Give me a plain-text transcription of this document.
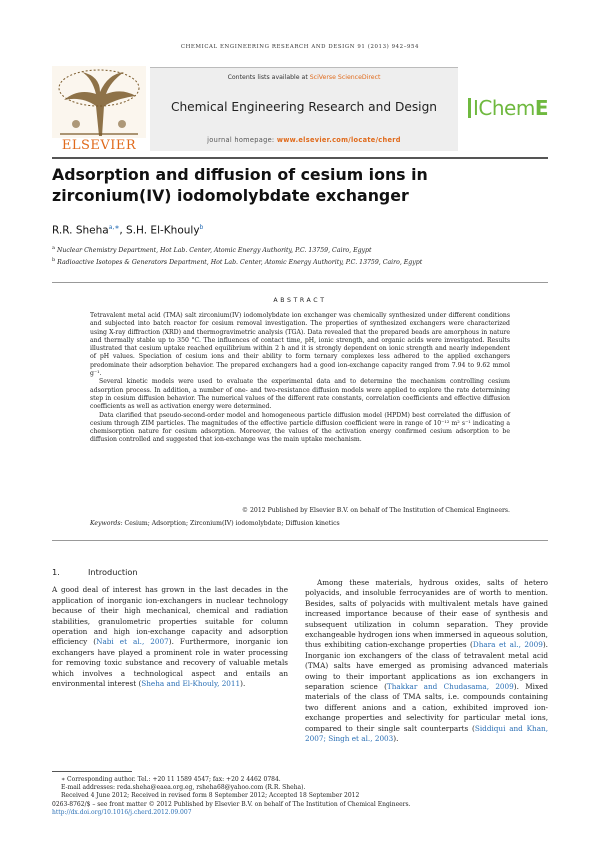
CHEMICAL ENGINEERING RESEARCH AND DESIGN 91 (2013) 942–954
ELSEVIER
Contents lists available at SciVerse ScienceDirect
Chemical Engineering Research and Design
journal homepage: www.elsevier.com/locate/cherd
IChemE
Adsorption and diffusion of cesium ions in zirconium(IV) iodomolybdate exchanger
R.R. Sheha$^{a,∗}$, S.H. El-Khouly$^b$
$^a$ Nuclear Chemistry Department, Hot Lab. Center, Atomic Energy Authority, P.C. 13759, Cairo, Egypt
$^b$ Radioactive Isotopes & Generators Department, Hot Lab. Center, Atomic Energy Authority, P.C. 13759, Cairo, Egypt
ABSTRACT

Tetravalent metal acid (TMA) salt zirconium(IV) iodomolybdate ion exchanger was chemically synthesized under different conditions and subjected into batch reactor for cesium removal investigation. The properties of synthesized exchangers were characterized using X-ray diffraction (XRD) and thermogravimetric analysis (TGA). Data revealed that the prepared beads are amorphous in nature and thermally stable up to 350 °C. The influences of contact time, pH, ionic strength, and organic acids were investigated. Results illustrated that cesium uptake reached equilibrium within 2 h and it is strongly dependent on ionic strength and nearly independent of pH values. Speciation of cesium ions and their ability to form ternary complexes less adhered to the applied exchangers predominate their adsorption behavior. The prepared exchangers had a good ion-exchange capacity ranged from 7.94 to 9.62 mmol g⁻¹.

Several kinetic models were used to evaluate the experimental data and to determine the mechanism controlling cesium adsorption process. In addition, a number of one- and two-resistance diffusion models were applied to explore the rate determining step in cesium diffusion behavior. The numerical values of the different rate constants, correlation coefficients and effective diffusion coefficients as well as activation energy were determined.

Data clarified that pseudo-second-order model and homogeneous particle diffusion model (HPDM) best correlated the diffusion of cesium through ZIM particles. The magnitudes of the effective particle diffusion coefficient were in range of 10⁻¹² m² s⁻¹ indicating a chemisorption nature for cesium adsorption. Moreover, the values of the activation energy confirmed cesium adsorption to be diffusion controlled and suggested that ion-exchange was the main uptake mechanism.

© 2012 Published by Elsevier B.V. on behalf of The Institution of Chemical Engineers.
Keywords: Cesium; Adsorption; Zirconium(IV) iodomolybdate; Diffusion kinetics
1.	Introduction

A good deal of interest has grown in the last decades in the application of inorganic ion-exchangers in nuclear technology because of their high mechanical, chemical and radiation stabilities, granulometric properties suitable for column operation and high ion-exchange capacity and adsorption efficiency (Nabi et al., 2007). Furthermore, inorganic ion exchangers have played a prominent role in water processing for removing toxic substance and recovery of valuable metals which involves a technological aspect and entails an environmental interest (Sheha and El-Khouly, 2011).

Among these materials, hydrous oxides, salts of hetero polyacids, and insoluble ferrocyanides are of worth to mention. Besides, salts of polyacids with multivalent metals have gained increased importance because of their ease of synthesis and subsequent utilization in column separation. They provide exchangeable hydrogen ions when immersed in aqueous solution, thus exhibiting cation-exchange properties (Dhara et al., 2009). Inorganic ion exchangers of the class of tetravalent metal acid (TMA) salts have emerged as promising advanced materials owing to their important applications as ion exchangers in separation science (Thakkar and Chudasama, 2009). Mixed materials of the class of TMA salts, i.e. compounds containing two different anions and a cation, exhibited improved ion-exchange properties and selectivity for particular metal ions, compared to their single salt counterparts (Siddiqui and Khan, 2007; Singh et al., 2003).

∗ Corresponding author. Tel.: +20 11 1589 4547; fax: +20 2 4462 0784.
E-mail addresses: reda.sheha@eaea.org.eg, rsheha68@yahoo.com (R.R. Sheha).
Received 4 June 2012; Received in revised form 8 September 2012; Accepted 18 September 2012
0263-8762/$ – see front matter © 2012 Published by Elsevier B.V. on behalf of The Institution of Chemical Engineers.
http://dx.doi.org/10.1016/j.cherd.2012.09.007
